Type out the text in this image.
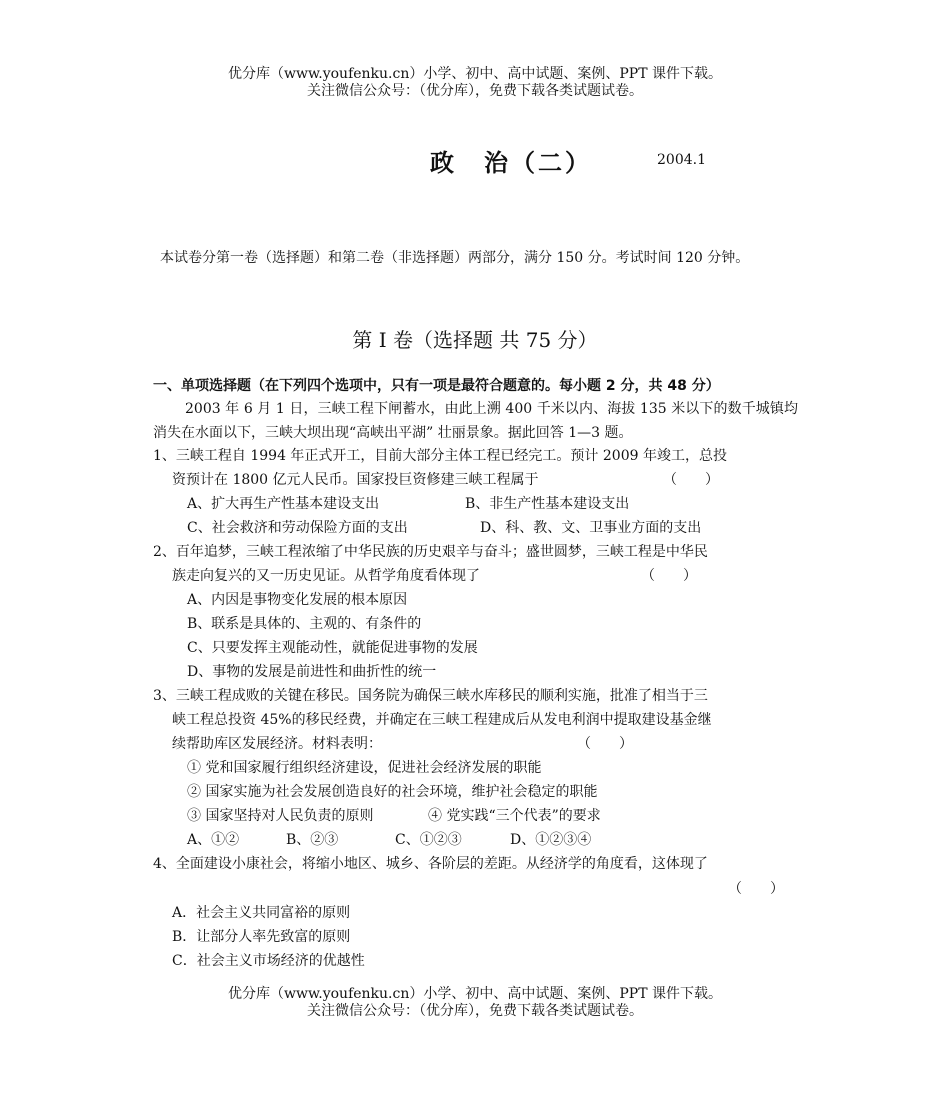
优分库（www.youfenku.cn）小学、初中、高中试题、案例、PPT 课件下载。
关注微信公众号：（优分库），免费下载各类试题试卷。
政　治（二）	2004.1
本试卷分第一卷（选择题）和第二卷（非选择题）两部分，满分 150 分。考试时间 120 分钟。
第 I 卷（选择题 共 75 分）
一、单项选择题（在下列四个选项中，只有一项是最符合题意的。每小题 2 分，共 48 分）
2003 年 6 月 1 日，三峡工程下闸蓄水，由此上溯 400 千米以内、海拔 135 米以下的数千城镇均消失在水面以下，三峡大坝出现“高峡出平湖” 壮丽景象。据此回答 1—3 题。
1、三峡工程自 1994 年正式开工，目前大部分主体工程已经完工。预计 2009 年竣工，总投
资预计在 1800 亿元人民币。国家投巨资修建三峡工程属于	（　　）
A、扩大再生产性基本建设支出	B、非生产性基本建设支出
C、社会救济和劳动保险方面的支出	D、科、教、文、卫事业方面的支出
2、百年追梦，三峡工程浓缩了中华民族的历史艰辛与奋斗；盛世圆梦，三峡工程是中华民
族走向复兴的又一历史见证。从哲学角度看体现了	（　　）
A、内因是事物变化发展的根本原因
B、联系是具体的、主观的、有条件的
C、只要发挥主观能动性，就能促进事物的发展
D、事物的发展是前进性和曲折性的统一
3、三峡工程成败的关键在移民。国务院为确保三峡水库移民的顺利实施，批准了相当于三
峡工程总投资 45%的移民经费，并确定在三峡工程建成后从发电利润中提取建设基金继
续帮助库区发展经济。材料表明：	（　　）
① 党和国家履行组织经济建设，促进社会经济发展的职能
② 国家实施为社会发展创造良好的社会环境，维护社会稳定的职能
③ 国家坚持对人民负责的原则	④ 党实践“三个代表”的要求
A、①②	B、②③	C、①②③	D、①②③④
4、全面建设小康社会，将缩小地区、城乡、各阶层的差距。从经济学的角度看，这体现了
（　　）
A．社会主义共同富裕的原则
B．让部分人率先致富的原则
C．社会主义市场经济的优越性
优分库（www.youfenku.cn）小学、初中、高中试题、案例、PPT 课件下载。
关注微信公众号：（优分库），免费下载各类试题试卷。
